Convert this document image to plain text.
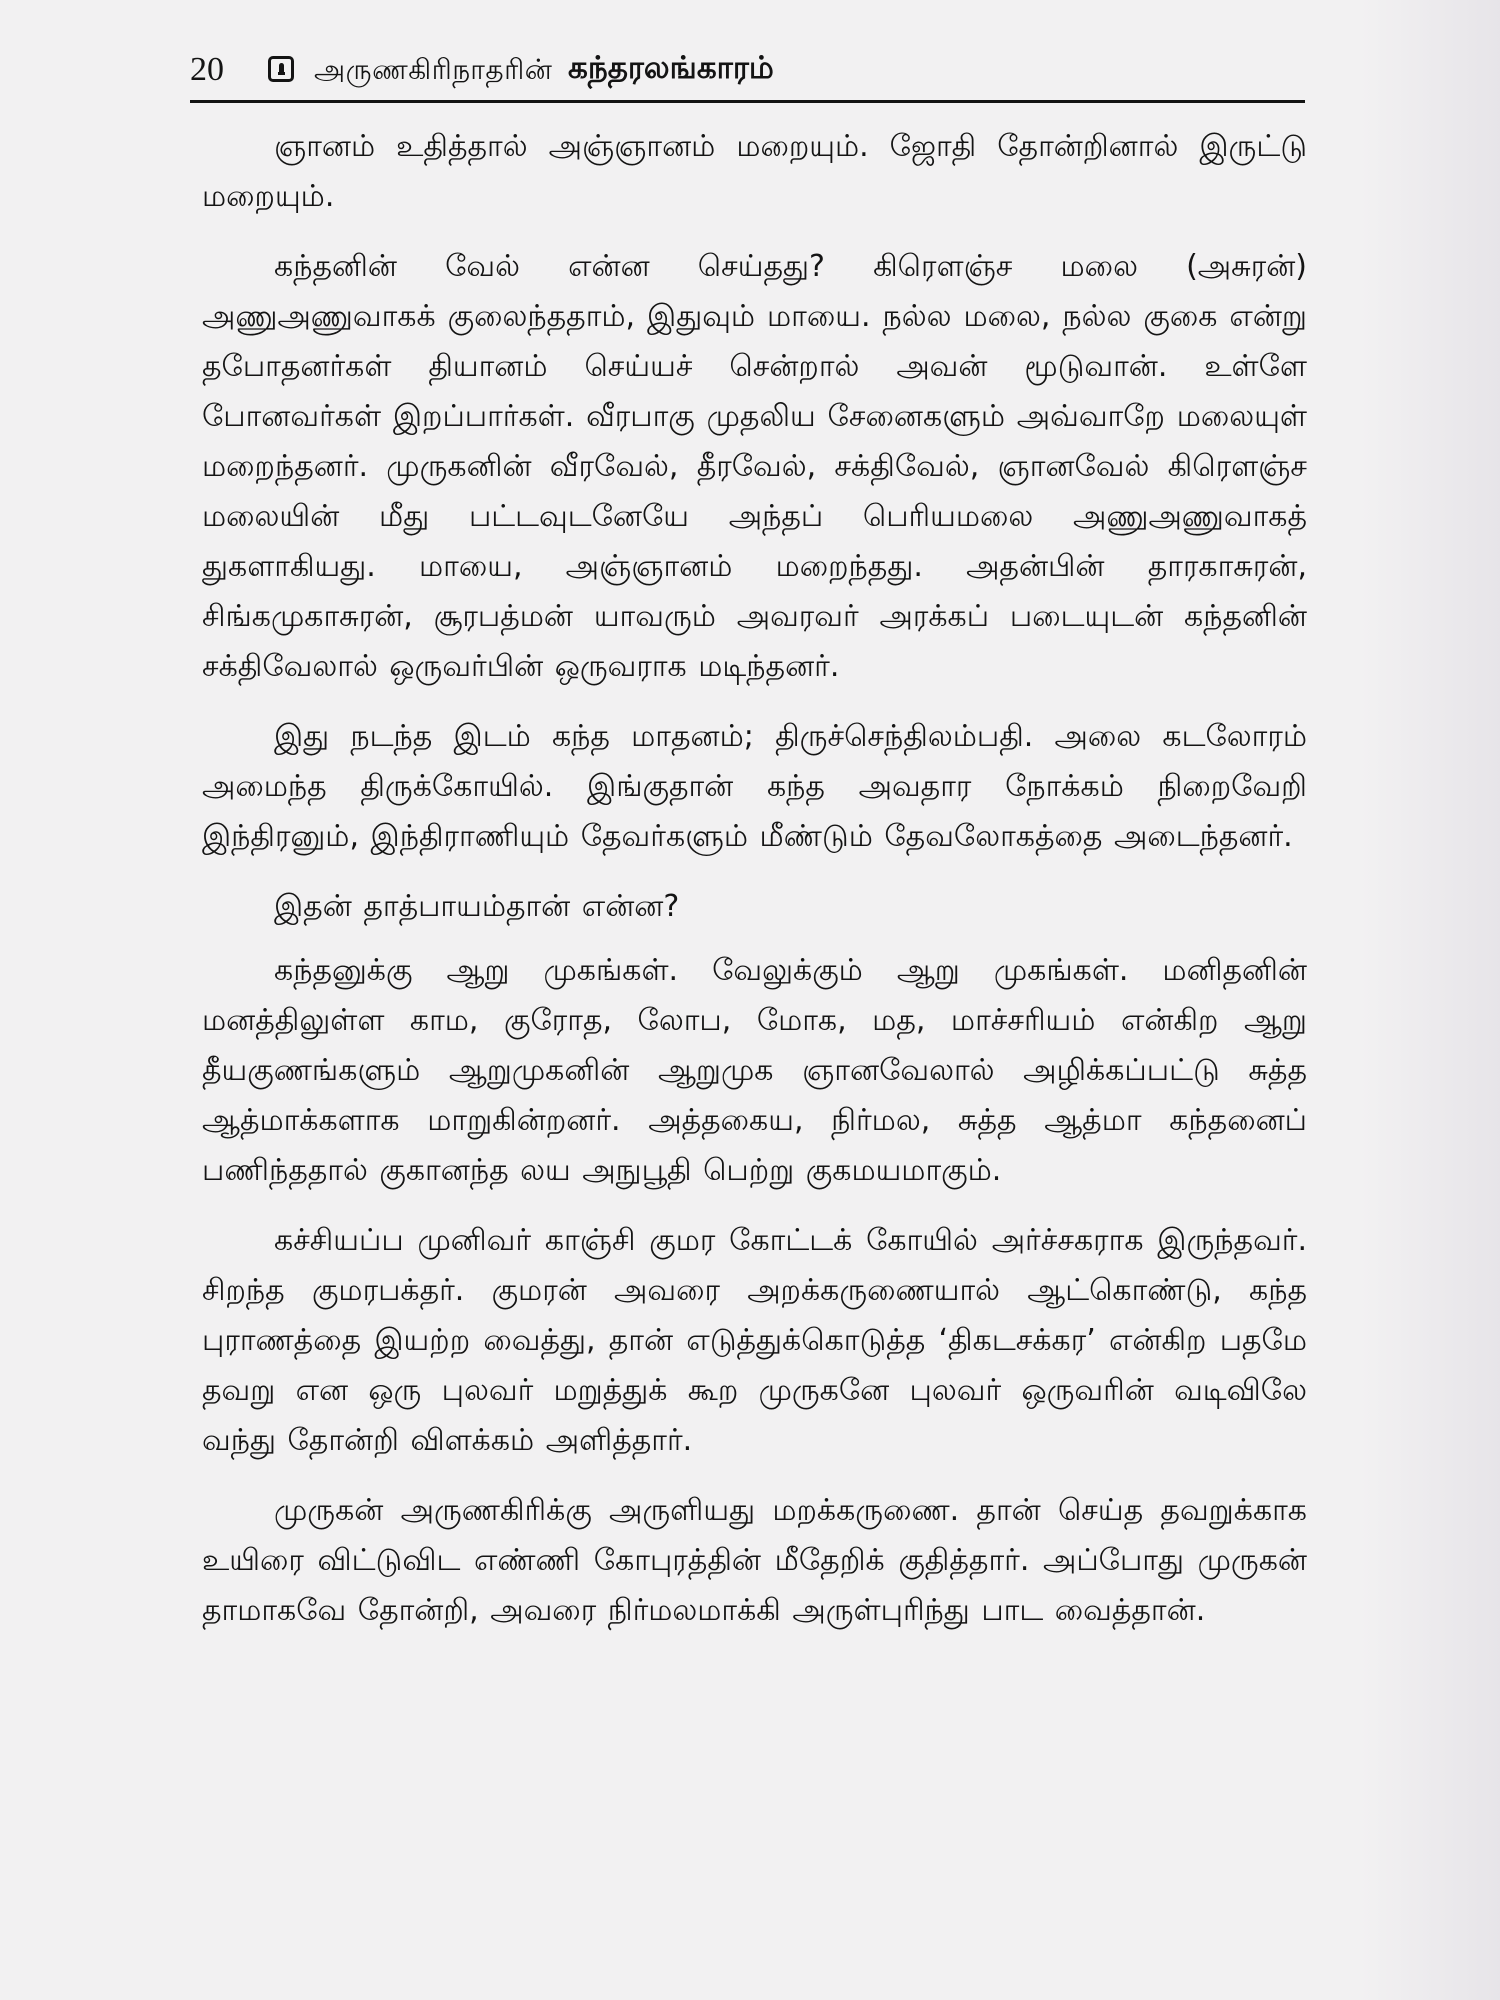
20	அருணகிரிநாதரின் கந்தரலங்காரம்

ஞானம் உதித்தால் அஞ்ஞானம் மறையும். ஜோதி தோன்றினால் இருட்டு மறையும்.

கந்தனின் வேல் என்ன செய்தது? கிரௌஞ்ச மலை (அசுரன்) அணுஅணுவாகக் குலைந்ததாம், இதுவும் மாயை. நல்ல மலை, நல்ல குகை என்று தபோதனர்கள் தியானம் செய்யச் சென்றால் அவன் மூடுவான். உள்ளே போனவர்கள் இறப்பார்கள். வீரபாகு முதலிய சேனைகளும் அவ்வாறே மலையுள் மறைந்தனர். முருகனின் வீரவேல், தீரவேல், சக்திவேல், ஞானவேல் கிரௌஞ்ச மலையின் மீது பட்டவுடனேயே அந்தப் பெரியமலை அணுஅணுவாகத் துகளாகியது. மாயை, அஞ்ஞானம் மறைந்தது. அதன்பின் தாரகாசுரன், சிங்கமுகாசுரன், சூரபத்மன் யாவரும் அவரவர் அரக்கப் படையுடன் கந்தனின் சக்திவேலால் ஒருவர்பின் ஒருவராக மடிந்தனர்.

இது நடந்த இடம் கந்த மாதனம்; திருச்செந்திலம்பதி. அலை கடலோரம் அமைந்த திருக்கோயில். இங்குதான் கந்த அவதார நோக்கம் நிறைவேறி இந்திரனும், இந்திராணியும் தேவர்களும் மீண்டும் தேவலோகத்தை அடைந்தனர்.

இதன் தாத்பாயம்தான் என்ன?

கந்தனுக்கு ஆறு முகங்கள். வேலுக்கும் ஆறு முகங்கள். மனிதனின் மனத்திலுள்ள காம, குரோத, லோப, மோக, மத, மாச்சரியம் என்கிற ஆறு தீயகுணங்களும் ஆறுமுகனின் ஆறுமுக ஞானவேலால் அழிக்கப்பட்டு சுத்த ஆத்மாக்களாக மாறுகின்றனர். அத்தகைய, நிர்மல, சுத்த ஆத்மா கந்தனைப் பணிந்ததால் குகானந்த லய அநுபூதி பெற்று குகமயமாகும்.

கச்சியப்ப முனிவர் காஞ்சி குமர கோட்டக் கோயில் அர்ச்சகராக இருந்தவர். சிறந்த குமரபக்தர். குமரன் அவரை அறக்கருணையால் ஆட்கொண்டு, கந்த புராணத்தை இயற்ற வைத்து, தான் எடுத்துக்கொடுத்த ‘திகடசக்கர’ என்கிற பதமே தவறு என ஒரு புலவர் மறுத்துக் கூற முருகனே புலவர் ஒருவரின் வடிவிலே வந்து தோன்றி விளக்கம் அளித்தார்.

முருகன் அருணகிரிக்கு அருளியது மறக்கருணை. தான் செய்த தவறுக்காக உயிரை விட்டுவிட எண்ணி கோபுரத்தின் மீதேறிக் குதித்தார். அப்போது முருகன் தாமாகவே தோன்றி, அவரை நிர்மலமாக்கி அருள்புரிந்து பாட வைத்தான்.
